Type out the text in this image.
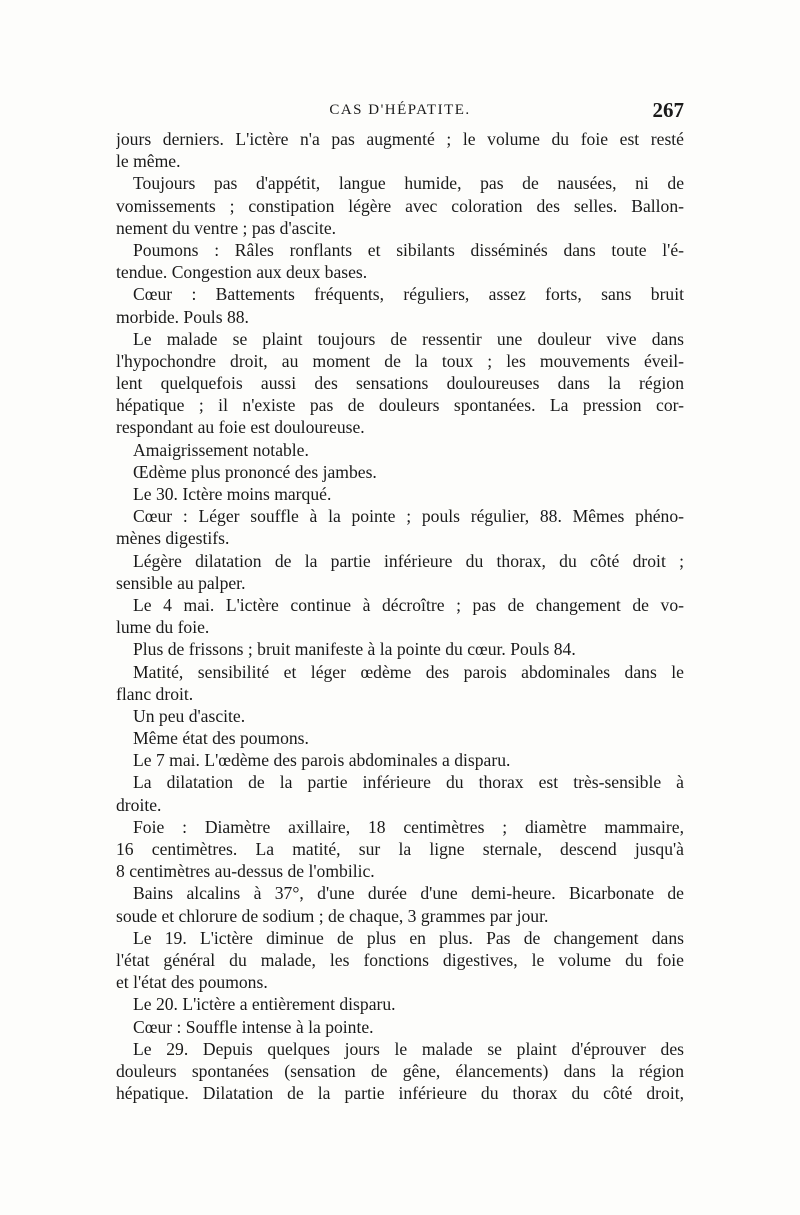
CAS D'HÉPATITE.	267
jours derniers. L'ictère n'a pas augmenté ; le volume du foie est resté
le même.
Toujours pas d'appétit, langue humide, pas de nausées, ni de
vomissements ; constipation légère avec coloration des selles. Ballon-
nement du ventre ; pas d'ascite.
Poumons : Râles ronflants et sibilants disséminés dans toute l'é-
tendue. Congestion aux deux bases.
Cœur : Battements fréquents, réguliers, assez forts, sans bruit
morbide. Pouls 88.
Le malade se plaint toujours de ressentir une douleur vive dans
l'hypochondre droit, au moment de la toux ; les mouvements éveil-
lent quelquefois aussi des sensations douloureuses dans la région
hépatique ; il n'existe pas de douleurs spontanées. La pression cor-
respondant au foie est douloureuse.
Amaigrissement notable.
Œdème plus prononcé des jambes.
Le 30. Ictère moins marqué.
Cœur : Léger souffle à la pointe ; pouls régulier, 88. Mêmes phéno-
mènes digestifs.
Légère dilatation de la partie inférieure du thorax, du côté droit ;
sensible au palper.
Le 4 mai. L'ictère continue à décroître ; pas de changement de vo-
lume du foie.
Plus de frissons ; bruit manifeste à la pointe du cœur. Pouls 84.
Matité, sensibilité et léger œdème des parois abdominales dans le
flanc droit.
Un peu d'ascite.
Même état des poumons.
Le 7 mai. L'œdème des parois abdominales a disparu.
La dilatation de la partie inférieure du thorax est très-sensible à
droite.
Foie : Diamètre axillaire, 18 centimètres ; diamètre mammaire,
16 centimètres. La matité, sur la ligne sternale, descend jusqu'à
8 centimètres au-dessus de l'ombilic.
Bains alcalins à 37°, d'une durée d'une demi-heure. Bicarbonate de
soude et chlorure de sodium ; de chaque, 3 grammes par jour.
Le 19. L'ictère diminue de plus en plus. Pas de changement dans
l'état général du malade, les fonctions digestives, le volume du foie
et l'état des poumons.
Le 20. L'ictère a entièrement disparu.
Cœur : Souffle intense à la pointe.
Le 29. Depuis quelques jours le malade se plaint d'éprouver des
douleurs spontanées (sensation de gêne, élancements) dans la région
hépatique. Dilatation de la partie inférieure du thorax du côté droit,
